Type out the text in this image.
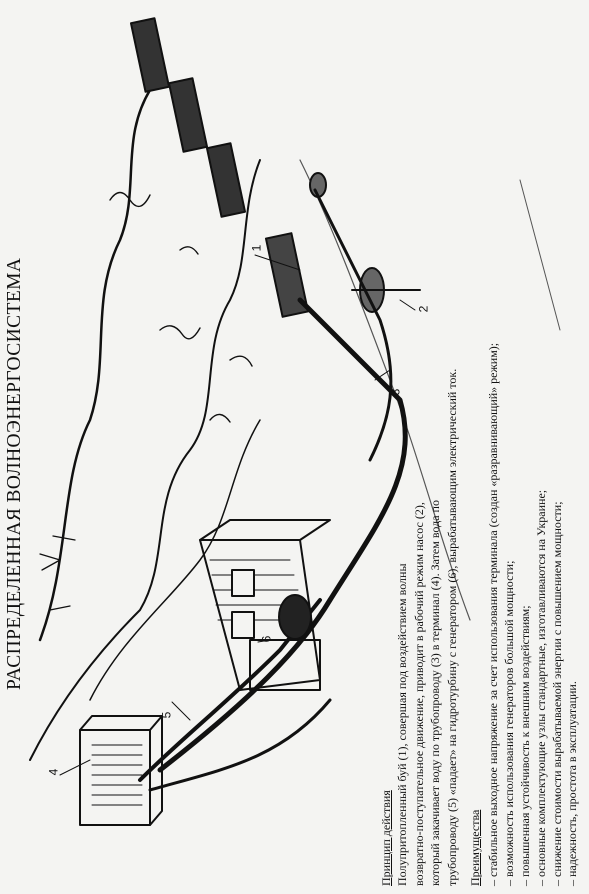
1
2
3
4
5
6
РАСПРЕДЕЛЕННАЯ ВОЛНОЭНЕРГОСИСТЕМА
Принцип действия Полупритопленный буй (1), совершая под воздействием волны возвратно-поступательное движение, приводит в рабочий режим насос (2), который закачивает воду по трубопроводу (3) в терминал (4). Затем вода по трубопроводу (5) «падает» на гидротурбину с генератором (6), вырабатывающим электрический ток. Преимущества – стабильное выходное напряжение за счет использования терминала (создан «разравнивающий» режим); – возможность использования генераторов большой мощности; – повышенная устойчивость к внешним воздействиям; – основные комплектующие узлы стандартные, изготавливаются на Украине; – снижение стоимости вырабатываемой энергии с повышением мощности; – надежность, простота в эксплуатации.
